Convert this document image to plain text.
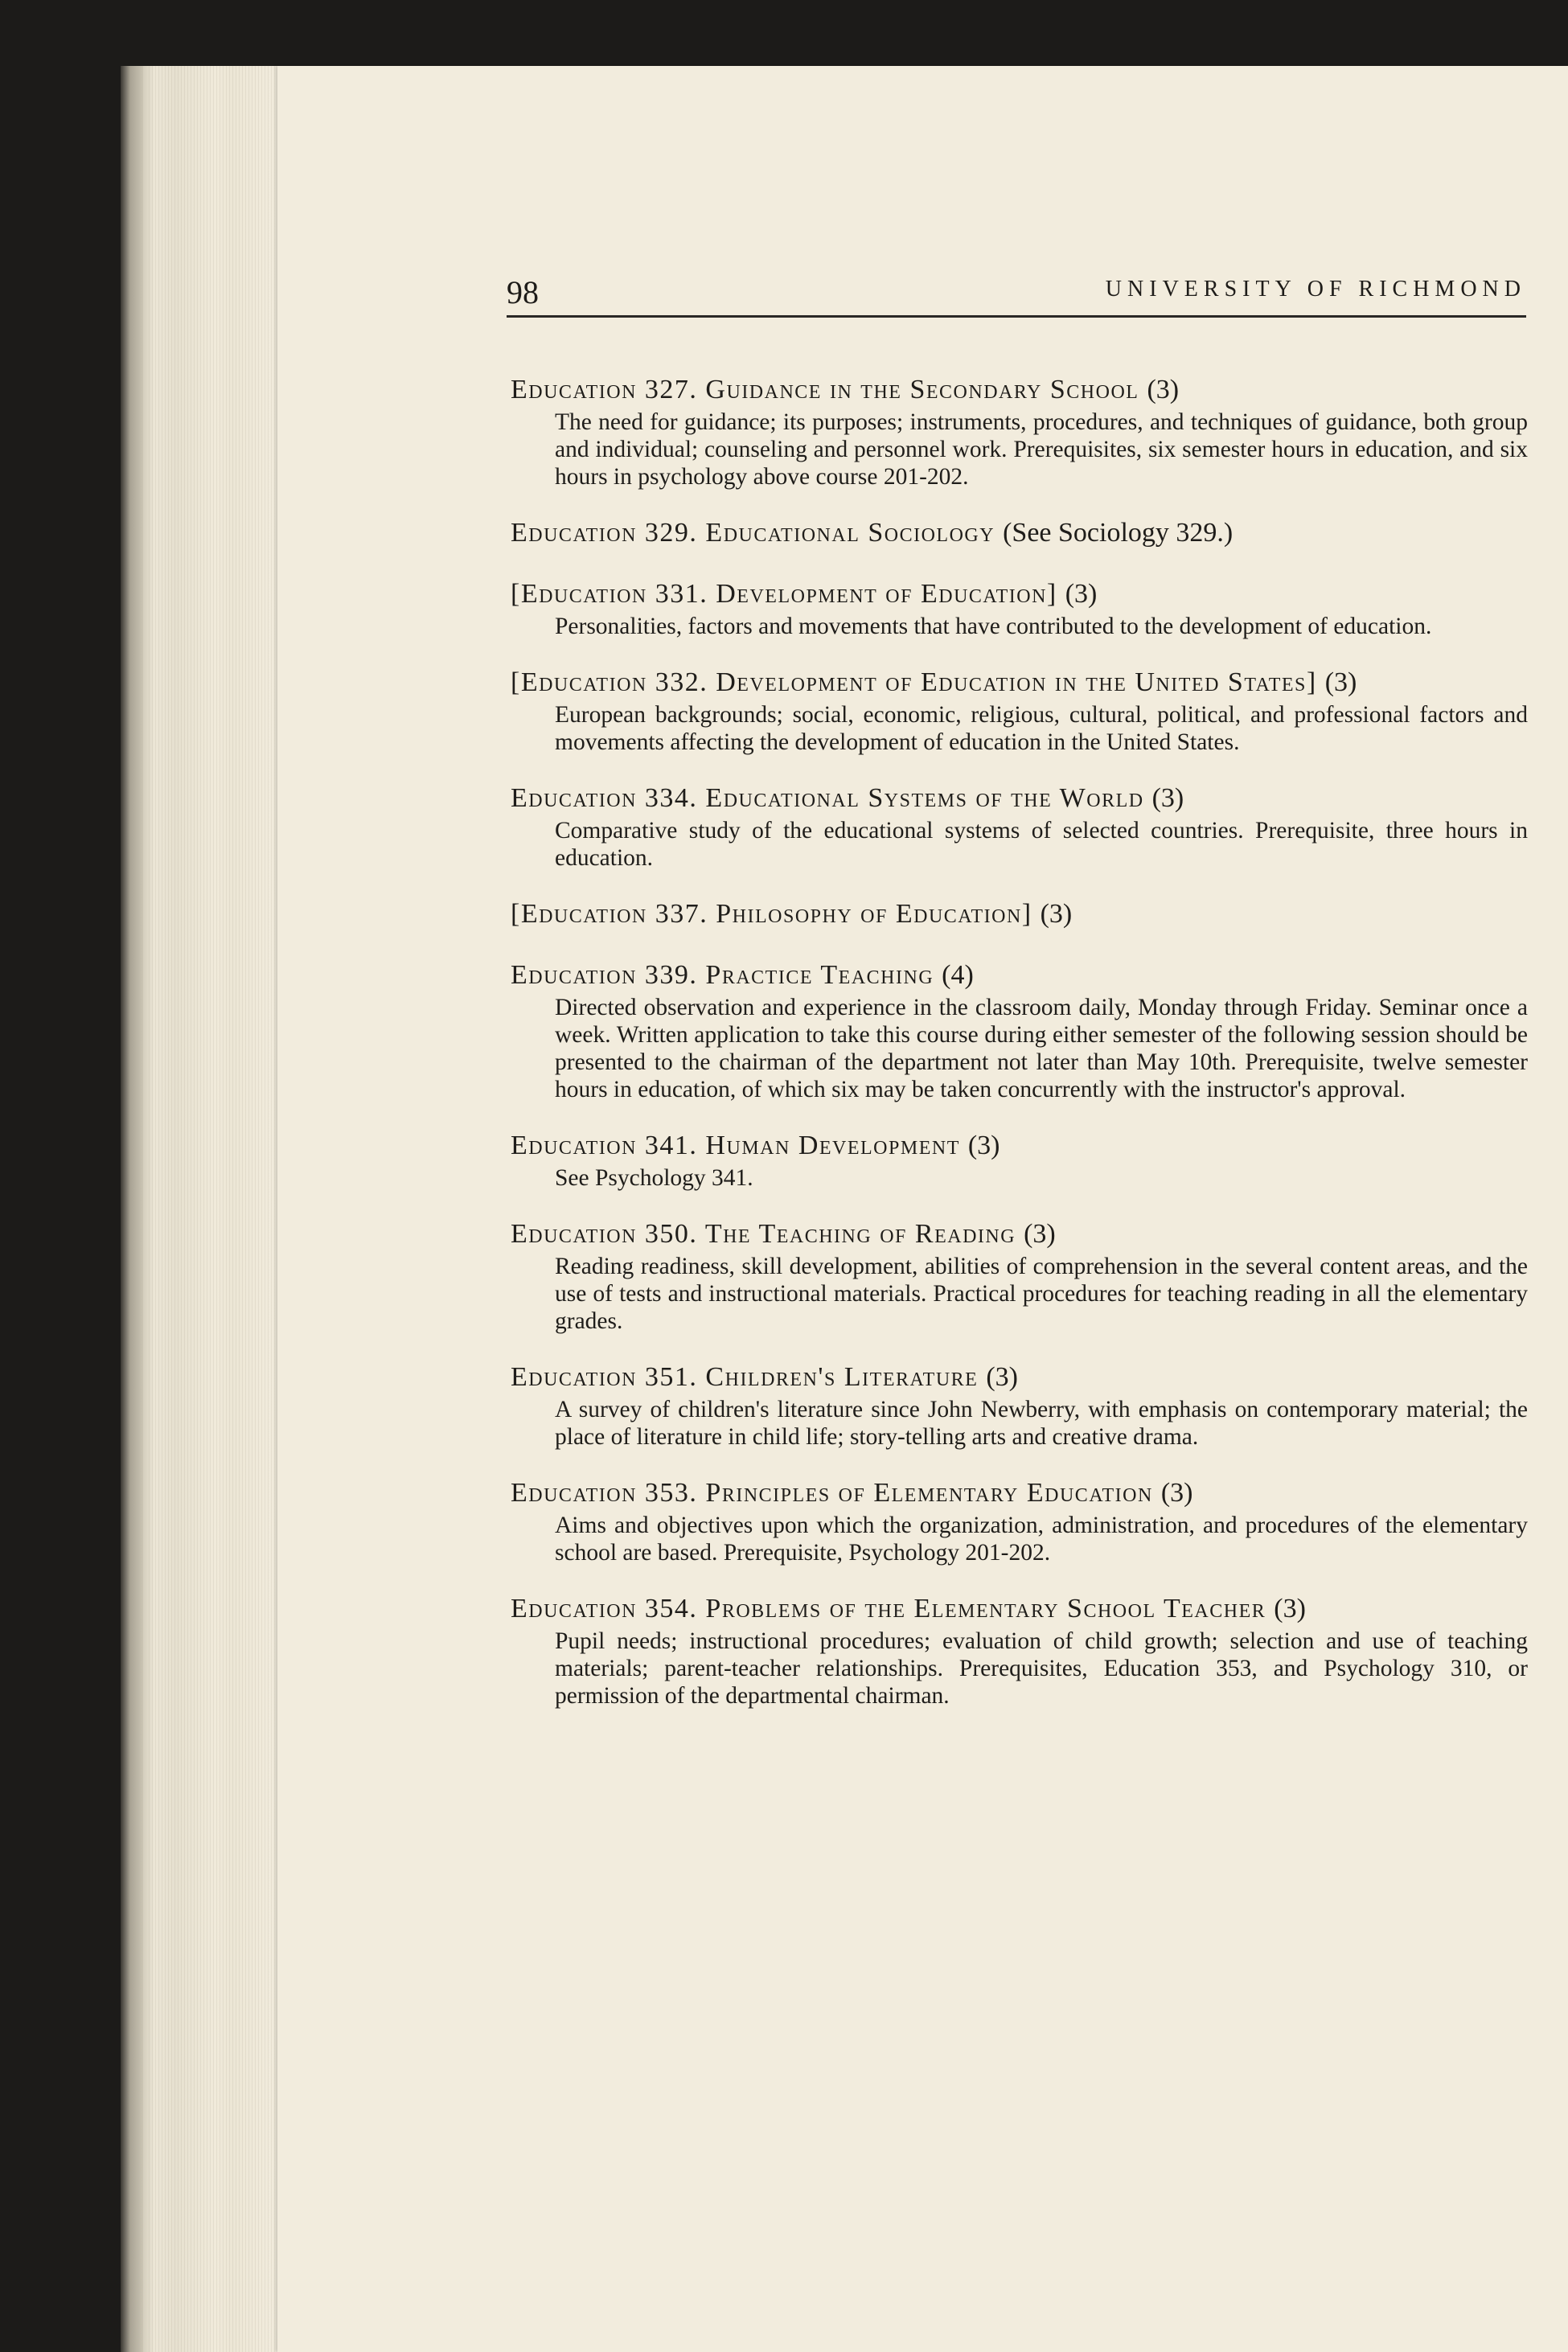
98	UNIVERSITY OF RICHMOND
Education 327. Guidance in the Secondary School (3)
The need for guidance; its purposes; instruments, procedures, and techniques of guidance, both group and individual; counseling and personnel work. Prerequisites, six semester hours in education, and six hours in psychology above course 201-202.
Education 329. Educational Sociology (See Sociology 329.)
[Education 331. Development of Education] (3)
Personalities, factors and movements that have contributed to the development of education.
[Education 332. Development of Education in the United States] (3)
European backgrounds; social, economic, religious, cultural, political, and professional factors and movements affecting the development of education in the United States.
Education 334. Educational Systems of the World (3)
Comparative study of the educational systems of selected countries. Prerequisite, three hours in education.
[Education 337. Philosophy of Education] (3)
Education 339. Practice Teaching (4)
Directed observation and experience in the classroom daily, Monday through Friday. Seminar once a week. Written application to take this course during either semester of the following session should be presented to the chairman of the department not later than May 10th. Prerequisite, twelve semester hours in education, of which six may be taken concurrently with the instructor's approval.
Education 341. Human Development (3)
See Psychology 341.
Education 350. The Teaching of Reading (3)
Reading readiness, skill development, abilities of comprehension in the several content areas, and the use of tests and instructional materials. Practical procedures for teaching reading in all the elementary grades.
Education 351. Children's Literature (3)
A survey of children's literature since John Newberry, with emphasis on contemporary material; the place of literature in child life; story-telling arts and creative drama.
Education 353. Principles of Elementary Education (3)
Aims and objectives upon which the organization, administration, and procedures of the elementary school are based. Prerequisite, Psychology 201-202.
Education 354. Problems of the Elementary School Teacher (3)
Pupil needs; instructional procedures; evaluation of child growth; selection and use of teaching materials; parent-teacher relationships. Prerequisites, Education 353, and Psychology 310, or permission of the departmental chairman.
